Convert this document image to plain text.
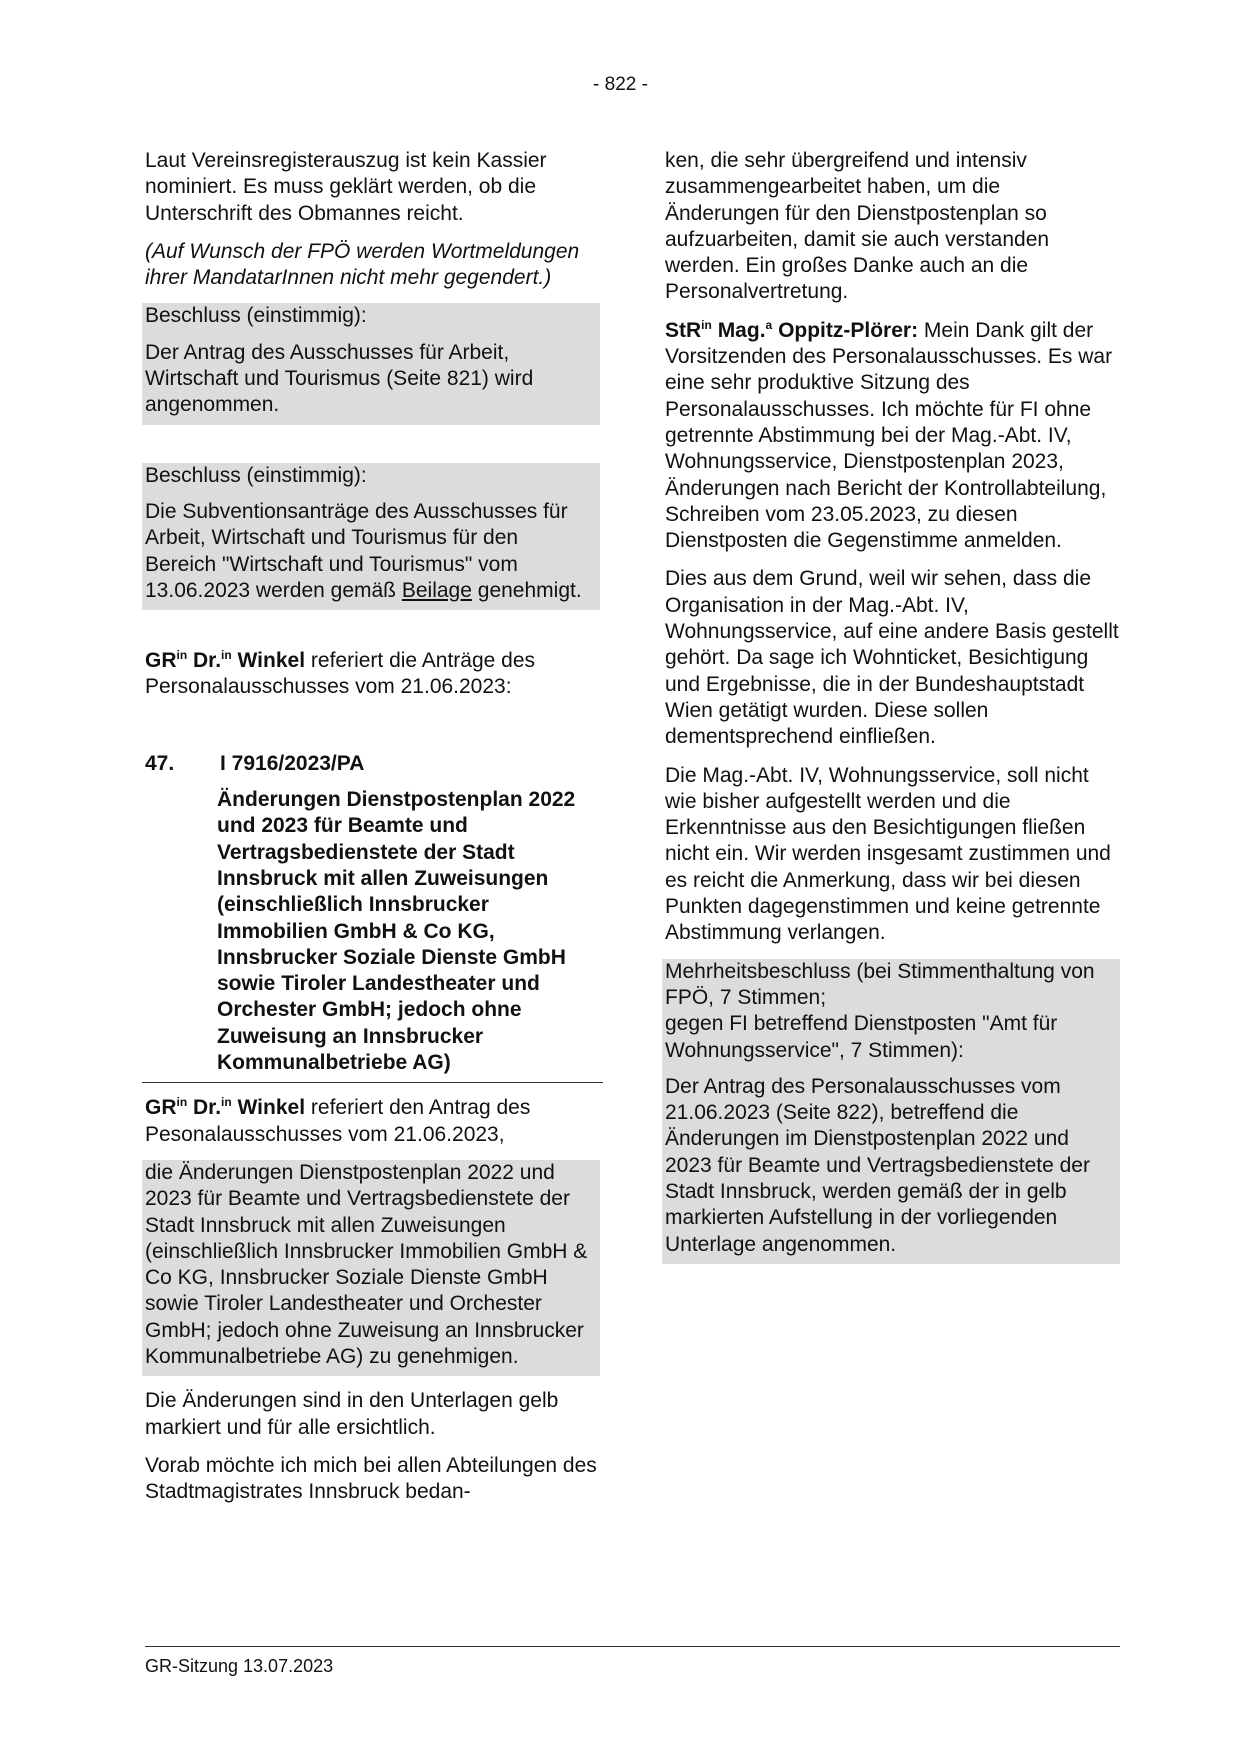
- 822 -

Laut Vereinsregisterauszug ist kein Kassier nominiert. Es muss geklärt werden, ob die Unterschrift des Obmannes reicht.

(Auf Wunsch der FPÖ werden Wortmeldungen ihrer MandatarInnen nicht mehr gegendert.)

Beschluss (einstimmig):

Der Antrag des Ausschusses für Arbeit, Wirtschaft und Tourismus (Seite 821) wird angenommen.

Beschluss (einstimmig):

Die Subventionsanträge des Ausschusses für Arbeit, Wirtschaft und Tourismus für den Bereich "Wirtschaft und Tourismus" vom 13.06.2023 werden gemäß Beilage genehmigt.

$GR^{in}$ Dr.$^{in}$ Winkel referiert die Anträge des Personalausschusses vom 21.06.2023:

47.	I 7916/2023/PA
Änderungen Dienstpostenplan 2022 und 2023 für Beamte und Vertragsbedienstete der Stadt Innsbruck mit allen Zuweisungen (einschließlich Innsbrucker Immobilien GmbH & Co KG, Innsbrucker Soziale Dienste GmbH sowie Tiroler Landestheater und Orchester GmbH; jedoch ohne Zuweisung an Innsbrucker Kommunalbetriebe AG)

$GR^{in}$ Dr.$^{in}$ Winkel referiert den Antrag des Pesonalausschusses vom 21.06.2023,

die Änderungen Dienstpostenplan 2022 und 2023 für Beamte und Vertragsbedienstete der Stadt Innsbruck mit allen Zuweisungen (einschließlich Innsbrucker Immobilien GmbH & Co KG, Innsbrucker Soziale Dienste GmbH sowie Tiroler Landestheater und Orchester GmbH; jedoch ohne Zuweisung an Innsbrucker Kommunalbetriebe AG) zu genehmigen.

Die Änderungen sind in den Unterlagen gelb markiert und für alle ersichtlich.

Vorab möchte ich mich bei allen Abteilungen des Stadtmagistrates Innsbruck bedan-

ken, die sehr übergreifend und intensiv zusammengearbeitet haben, um die Änderungen für den Dienstpostenplan so aufzuarbeiten, damit sie auch verstanden werden. Ein großes Danke auch an die Personalvertretung.

StR$^{in}$ Mag.$^a$ Oppitz-Plörer: Mein Dank gilt der Vorsitzenden des Personalausschusses. Es war eine sehr produktive Sitzung des Personalausschusses. Ich möchte für FI ohne getrennte Abstimmung bei der Mag.-Abt. IV, Wohnungsservice, Dienstpostenplan 2023, Änderungen nach Bericht der Kontrollabteilung, Schreiben vom 23.05.2023, zu diesen Dienstposten die Gegenstimme anmelden.

Dies aus dem Grund, weil wir sehen, dass die Organisation in der Mag.-Abt. IV, Wohnungsservice, auf eine andere Basis gestellt gehört. Da sage ich Wohnticket, Besichtigung und Ergebnisse, die in der Bundeshauptstadt Wien getätigt wurden. Diese sollen dementsprechend einfließen.

Die Mag.-Abt. IV, Wohnungsservice, soll nicht wie bisher aufgestellt werden und die Erkenntnisse aus den Besichtigungen fließen nicht ein. Wir werden insgesamt zustimmen und es reicht die Anmerkung, dass wir bei diesen Punkten dagegenstimmen und keine getrennte Abstimmung verlangen.

Mehrheitsbeschluss (bei Stimmenthaltung von FPÖ, 7 Stimmen;
gegen FI betreffend Dienstposten "Amt für Wohnungsservice", 7 Stimmen):

Der Antrag des Personalausschusses vom 21.06.2023 (Seite 822), betreffend die Änderungen im Dienstpostenplan 2022 und 2023 für Beamte und Vertragsbedienstete der Stadt Innsbruck, werden gemäß der in gelb markierten Aufstellung in der vorliegenden Unterlage angenommen.

GR-Sitzung 13.07.2023
